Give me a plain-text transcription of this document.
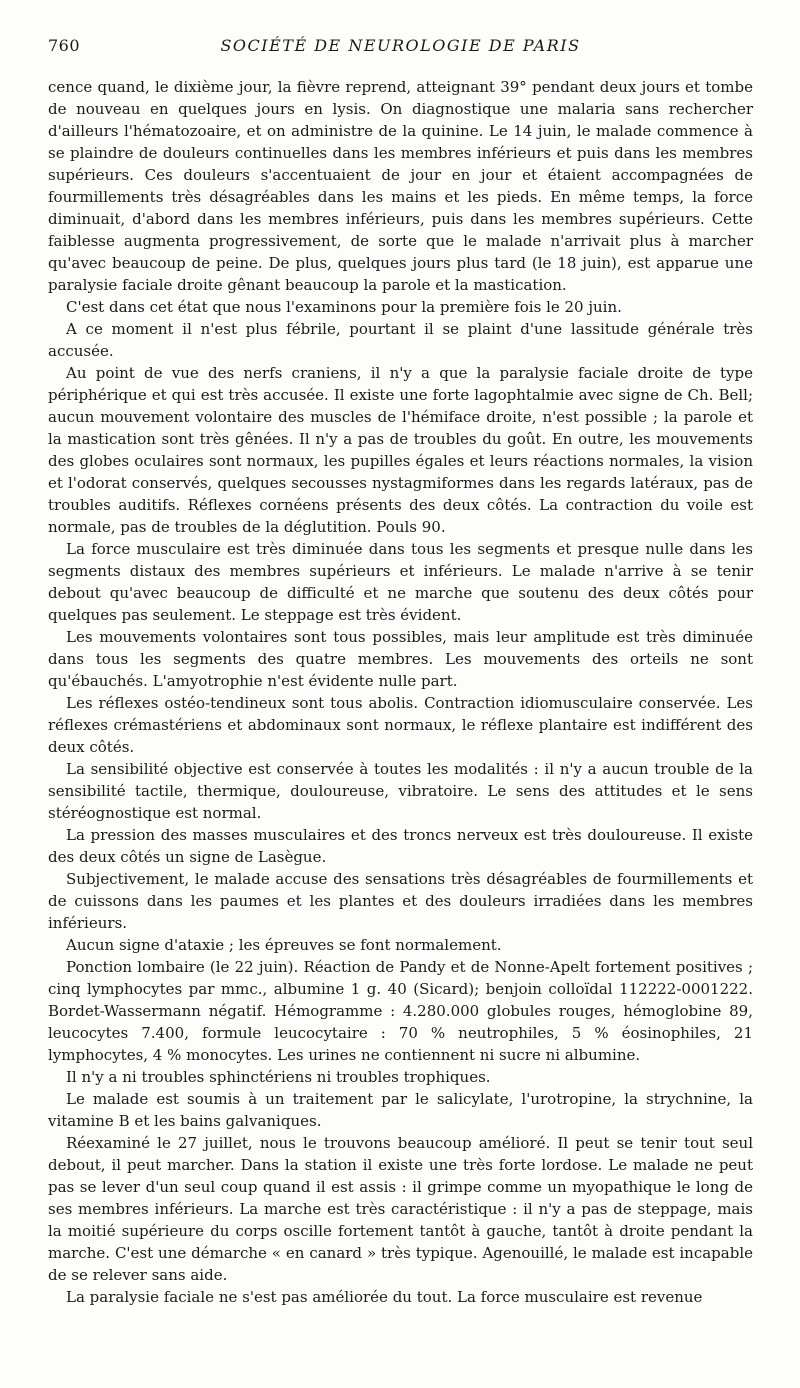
760	SOCIÉTÉ DE NEUROLOGIE DE PARIS

cence quand, le dixième jour, la fièvre reprend, atteignant 39° pendant deux jours et tombe de nouveau en quelques jours en lysis. On diagnostique une malaria sans rechercher d'ailleurs l'hématozoaire, et on administre de la quinine. Le 14 juin, le malade commence à se plaindre de douleurs continuelles dans les membres inférieurs et puis dans les membres supérieurs. Ces douleurs s'accentuaient de jour en jour et étaient accompagnées de fourmillements très désagréables dans les mains et les pieds. En même temps, la force diminuait, d'abord dans les membres inférieurs, puis dans les membres supérieurs. Cette faiblesse augmenta progressivement, de sorte que le malade n'arrivait plus à marcher qu'avec beaucoup de peine. De plus, quelques jours plus tard (le 18 juin), est apparue une paralysie faciale droite gênant beaucoup la parole et la mastication.

C'est dans cet état que nous l'examinons pour la première fois le 20 juin.

A ce moment il n'est plus fébrile, pourtant il se plaint d'une lassitude générale très accusée.

Au point de vue des nerfs craniens, il n'y a que la paralysie faciale droite de type périphérique et qui est très accusée. Il existe une forte lagophtalmie avec signe de Ch. Bell; aucun mouvement volontaire des muscles de l'hémiface droite, n'est possible ; la parole et la mastication sont très gênées. Il n'y a pas de troubles du goût. En outre, les mouvements des globes oculaires sont normaux, les pupilles égales et leurs réactions normales, la vision et l'odorat conservés, quelques secousses nystagmiformes dans les regards latéraux, pas de troubles auditifs. Réflexes cornéens présents des deux côtés. La contraction du voile est normale, pas de troubles de la déglutition. Pouls 90.

La force musculaire est très diminuée dans tous les segments et presque nulle dans les segments distaux des membres supérieurs et inférieurs. Le malade n'arrive à se tenir debout qu'avec beaucoup de difficulté et ne marche que soutenu des deux côtés pour quelques pas seulement. Le steppage est très évident.

Les mouvements volontaires sont tous possibles, mais leur amplitude est très diminuée dans tous les segments des quatre membres. Les mouvements des orteils ne sont qu'ébauchés. L'amyotrophie n'est évidente nulle part.

Les réflexes ostéo-tendineux sont tous abolis. Contraction idiomusculaire conservée. Les réflexes crémastériens et abdominaux sont normaux, le réflexe plantaire est indifférent des deux côtés.

La sensibilité objective est conservée à toutes les modalités : il n'y a aucun trouble de la sensibilité tactile, thermique, douloureuse, vibratoire. Le sens des attitudes et le sens stéréognostique est normal.

La pression des masses musculaires et des troncs nerveux est très douloureuse. Il existe des deux côtés un signe de Lasègue.

Subjectivement, le malade accuse des sensations très désagréables de fourmillements et de cuissons dans les paumes et les plantes et des douleurs irradiées dans les membres inférieurs.

Aucun signe d'ataxie ; les épreuves se font normalement.

Ponction lombaire (le 22 juin). Réaction de Pandy et de Nonne-Apelt fortement positives ; cinq lymphocytes par mmc., albumine 1 g. 40 (Sicard); benjoin colloïdal 112222-0001222. Bordet-Wassermann négatif. Hémogramme : 4.280.000 globules rouges, hémoglobine 89, leucocytes 7.400, formule leucocytaire : 70 % neutrophiles, 5 % éosinophiles, 21 lymphocytes, 4 % monocytes. Les urines ne contiennent ni sucre ni albumine.

Il n'y a ni troubles sphinctériens ni troubles trophiques.

Le malade est soumis à un traitement par le salicylate, l'urotropine, la strychnine, la vitamine B et les bains galvaniques.

Réexaminé le 27 juillet, nous le trouvons beaucoup amélioré. Il peut se tenir tout seul debout, il peut marcher. Dans la station il existe une très forte lordose. Le malade ne peut pas se lever d'un seul coup quand il est assis : il grimpe comme un myopathique le long de ses membres inférieurs. La marche est très caractéristique : il n'y a pas de steppage, mais la moitié supérieure du corps oscille fortement tantôt à gauche, tantôt à droite pendant la marche. C'est une démarche « en canard » très typique. Agenouillé, le malade est incapable de se relever sans aide.

La paralysie faciale ne s'est pas améliorée du tout. La force musculaire est revenue
